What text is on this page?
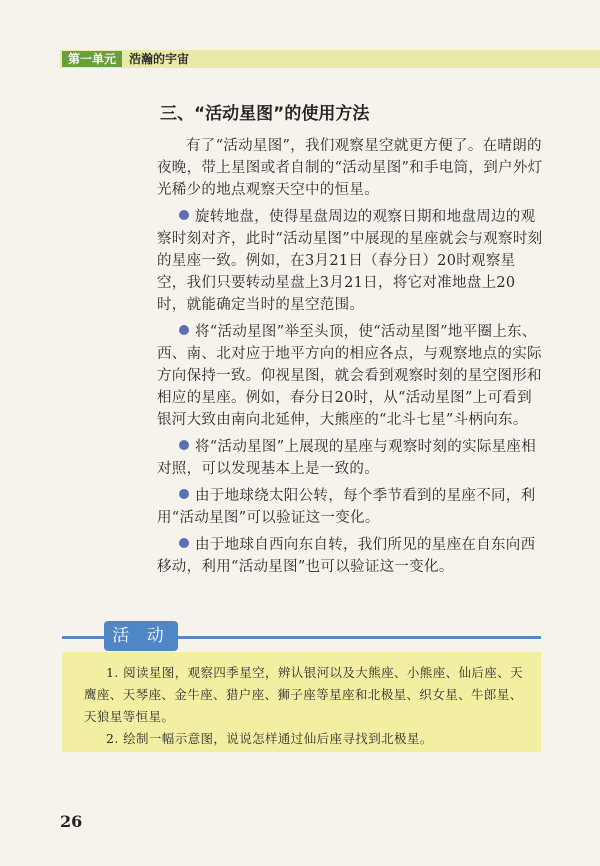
第一单元	浩瀚的宇宙
三、“活动星图”的使用方法

有了“活动星图”，我们观察星空就更方便了。在晴朗的夜晚，带上星图或者自制的“活动星图”和手电筒，到户外灯光稀少的地点观察天空中的恒星。

旋转地盘，使得星盘周边的观察日期和地盘周边的观察时刻对齐，此时“活动星图”中展现的星座就会与观察时刻的星座一致。例如，在3月21日（春分日）20时观察星空，我们只要转动星盘上3月21日，将它对准地盘上20时，就能确定当时的星空范围。

将“活动星图”举至头顶，使“活动星图”地平圈上东、西、南、北对应于地平方向的相应各点，与观察地点的实际方向保持一致。仰视星图，就会看到观察时刻的星空图形和相应的星座。例如，春分日20时，从“活动星图”上可看到银河大致由南向北延伸，大熊座的“北斗七星”斗柄向东。

将“活动星图”上展现的星座与观察时刻的实际星座相对照，可以发现基本上是一致的。

由于地球绕太阳公转，每个季节看到的星座不同，利用“活动星图”可以验证这一变化。

由于地球自西向东自转，我们所见的星座在自东向西移动，利用“活动星图”也可以验证这一变化。

活 动

1. 阅读星图，观察四季星空，辨认银河以及大熊座、小熊座、仙后座、天鹰座、天琴座、金牛座、猎户座、狮子座等星座和北极星、织女星、牛郎星、天狼星等恒星。

2. 绘制一幅示意图，说说怎样通过仙后座寻找到北极星。

26
